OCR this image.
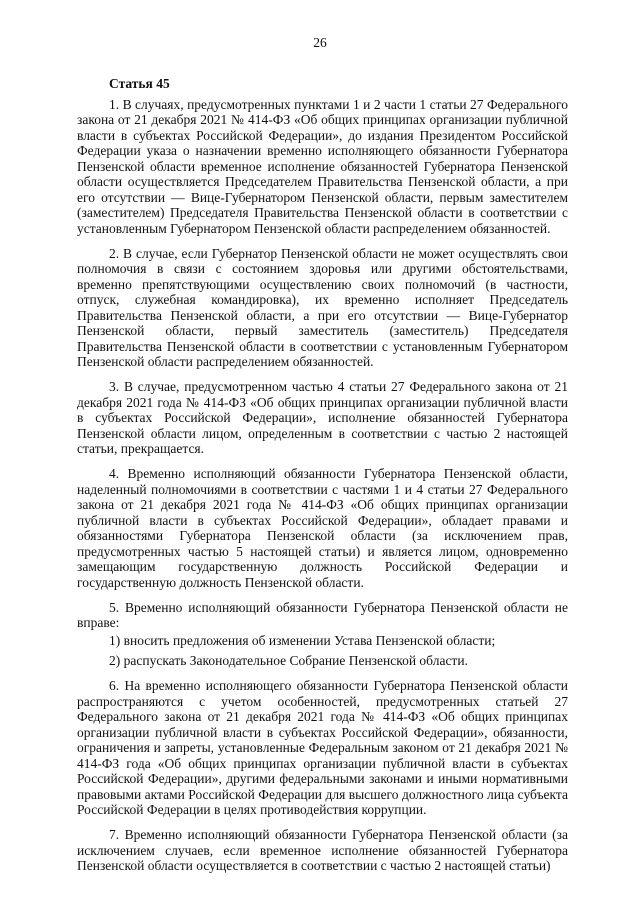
26
Статья 45

1. В случаях, предусмотренных пунктами 1 и 2 части 1 статьи 27 Федерального закона от 21 декабря 2021 № 414-ФЗ «Об общих принципах организации публичной власти в субъектах Российской Федерации», до издания Президентом Российской Федерации указа о назначении временно исполняющего обязанности Губернатора Пензенской области временное исполнение обязанностей Губернатора Пензенской области осуществляется Председателем Правительства Пензенской области, а при его отсутствии — Вице-Губернатором Пензенской области, первым заместителем (заместителем) Председателя Правительства Пензенской области в соответствии с установленным Губернатором Пензенской области распределением обязанностей.

2. В случае, если Губернатор Пензенской области не может осуществлять свои полномочия в связи с состоянием здоровья или другими обстоятельствами, временно препятствующими осуществлению своих полномочий (в частности, отпуск, служебная командировка), их временно исполняет Председатель Правительства Пензенской области, а при его отсутствии — Вице-Губернатор Пензенской области, первый заместитель (заместитель) Председателя Правительства Пензенской области в соответствии с установленным Губернатором Пензенской области распределением обязанностей.

3. В случае, предусмотренном частью 4 статьи 27 Федерального закона от 21 декабря 2021 года № 414-ФЗ «Об общих принципах организации публичной власти в субъектах Российской Федерации», исполнение обязанностей Губернатора Пензенской области лицом, определенным в соответствии с частью 2 настоящей статьи, прекращается.

4. Временно исполняющий обязанности Губернатора Пензенской области, наделенный полномочиями в соответствии с частями 1 и 4 статьи 27 Федерального закона от 21 декабря 2021 года № 414-ФЗ «Об общих принципах организации публичной власти в субъектах Российской Федерации», обладает правами и обязанностями Губернатора Пензенской области (за исключением прав, предусмотренных частью 5 настоящей статьи) и является лицом, одновременно замещающим государственную должность Российской Федерации и государственную должность Пензенской области.

5. Временно исполняющий обязанности Губернатора Пензенской области не вправе:

1) вносить предложения об изменении Устава Пензенской области;
2) распускать Законодательное Собрание Пензенской области.

6. На временно исполняющего обязанности Губернатора Пензенской области распространяются с учетом особенностей, предусмотренных статьей 27 Федерального закона от 21 декабря 2021 года № 414-ФЗ «Об общих принципах организации публичной власти в субъектах Российской Федерации», обязанности, ограничения и запреты, установленные Федеральным законом от 21 декабря 2021 № 414-ФЗ года «Об общих принципах организации публичной власти в субъектах Российской Федерации», другими федеральными законами и иными нормативными правовыми актами Российской Федерации для высшего должностного лица субъекта Российской Федерации в целях противодействия коррупции.

7. Временно исполняющий обязанности Губернатора Пензенской области (за исключением случаев, если временное исполнение обязанностей Губернатора Пензенской области осуществляется в соответствии с частью 2 настоящей статьи)
